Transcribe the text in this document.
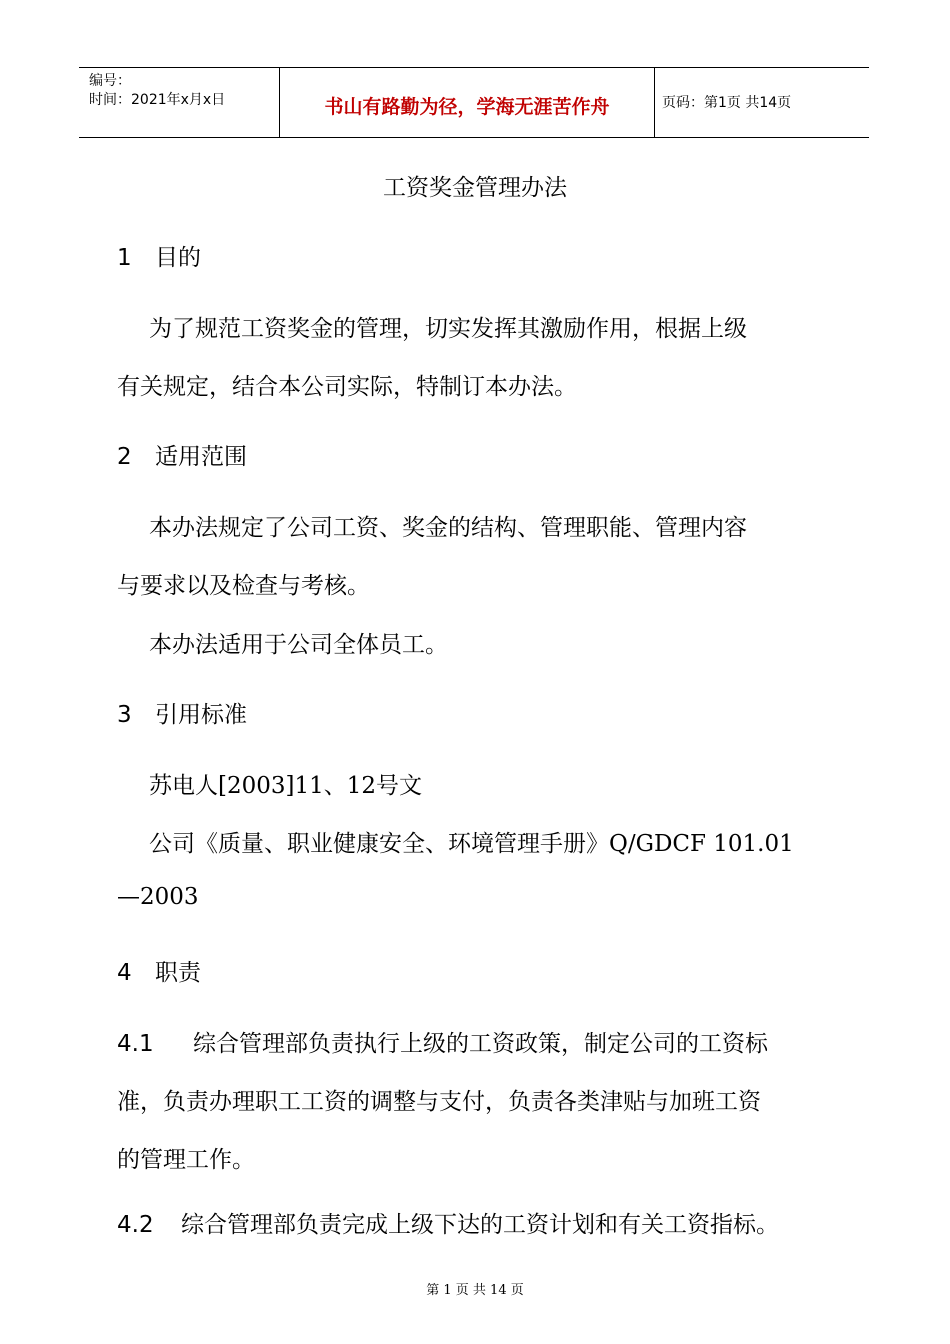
编号：
时间：2021年x月x日	书山有路勤为径，学海无涯苦作舟	页码：第1页 共14页
工资奖金管理办法
1 目的
为了规范工资奖金的管理，切实发挥其激励作用，根据上级
有关规定，结合本公司实际，特制订本办法。
2 适用范围
本办法规定了公司工资、奖金的结构、管理职能、管理内容
与要求以及检查与考核。
本办法适用于公司全体员工。
3 引用标准
苏电人[2003]11、12号文
公司《质量、职业健康安全、环境管理手册》Q/GDCF 101.01
—2003
4 职责
4.1 综合管理部负责执行上级的工资政策，制定公司的工资标
准，负责办理职工工资的调整与支付，负责各类津贴与加班工资
的管理工作。
4.2 综合管理部负责完成上级下达的工资计划和有关工资指标。
第 1 页 共 14 页
